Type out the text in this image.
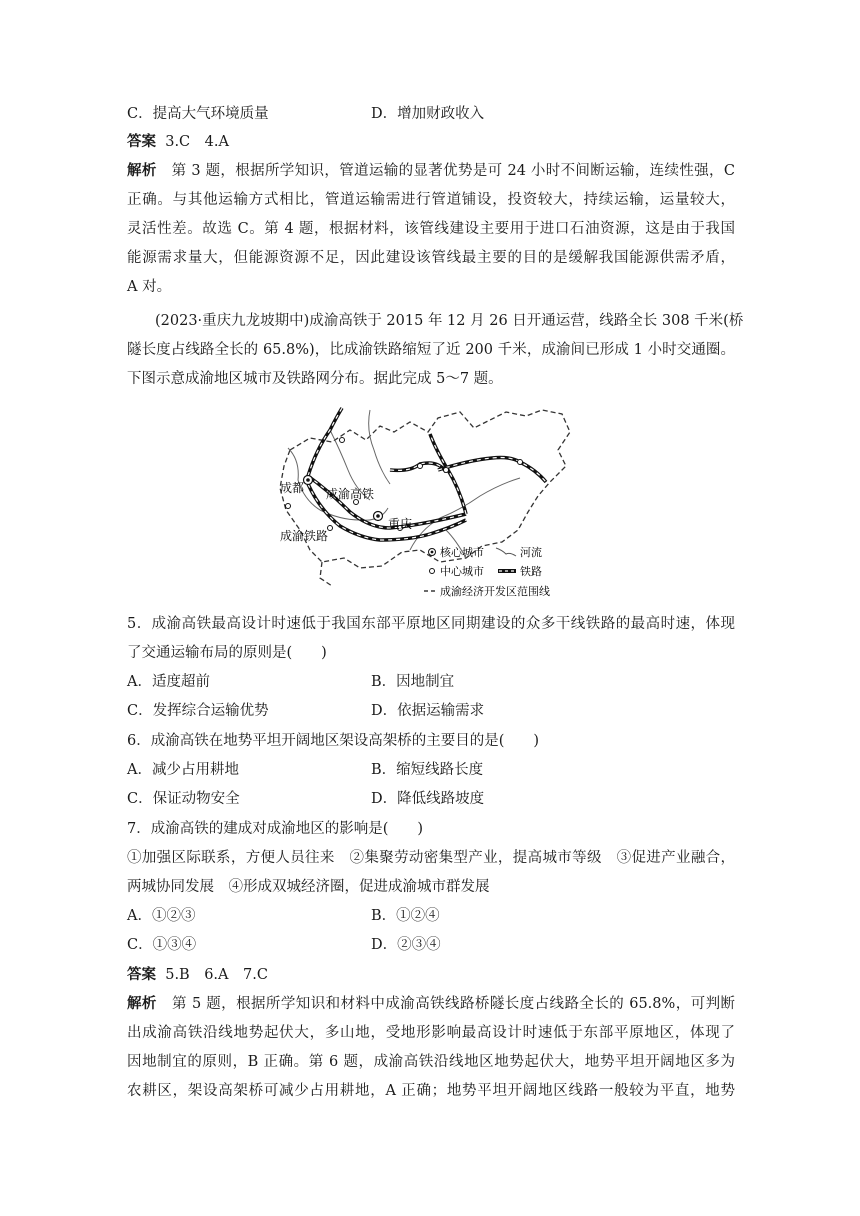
C．提高大气环境质量	D．增加财政收入
答案 3.C　4.A
解析 第 3 题，根据所学知识，管道运输的显著优势是可 24 小时不间断运输，连续性强，C
正确。与其他运输方式相比，管道运输需进行管道铺设，投资较大，持续运输，运量较大，
灵活性差。故选 C。第 4 题，根据材料，该管线建设主要用于进口石油资源，这是由于我国
能源需求量大，但能源资源不足，因此建设该管线最主要的目的是缓解我国能源供需矛盾，
A 对。
(2023·重庆九龙坡期中)成渝高铁于 2015 年 12 月 26 日开通运营，线路全长 308 千米(桥
隧长度占线路全长的 65.8%)，比成渝铁路缩短了近 200 千米，成渝间已形成 1 小时交通圈。
下图示意成渝地区城市及铁路网分布。据此完成 5～7 题。
成都 成渝高铁
成渝铁路
重庆
核心城市	河流
中心城市	铁路
成渝经济开发区范围线
5．成渝高铁最高设计时速低于我国东部平原地区同期建设的众多干线铁路的最高时速，体现
了交通运输布局的原则是(　　)
A．适度超前	B．因地制宜
C．发挥综合运输优势	D．依据运输需求
6．成渝高铁在地势平坦开阔地区架设高架桥的主要目的是(　　)
A．减少占用耕地	B．缩短线路长度
C．保证动物安全	D．降低线路坡度
7．成渝高铁的建成对成渝地区的影响是(　　)
①加强区际联系，方便人员往来　②集聚劳动密集型产业，提高城市等级　③促进产业融合，
两城协同发展　④形成双城经济圈，促进成渝城市群发展
A．①②③	B．①②④
C．①③④	D．②③④
答案 5.B　6.A　7.C
解析 第 5 题，根据所学知识和材料中成渝高铁线路桥隧长度占线路全长的 65.8%，可判断
出成渝高铁沿线地势起伏大，多山地，受地形影响最高设计时速低于东部平原地区，体现了
因地制宜的原则，B 正确。第 6 题，成渝高铁沿线地区地势起伏大，地势平坦开阔地区多为
农耕区，架设高架桥可减少占用耕地，A 正确；地势平坦开阔地区线路一般较为平直，地势
